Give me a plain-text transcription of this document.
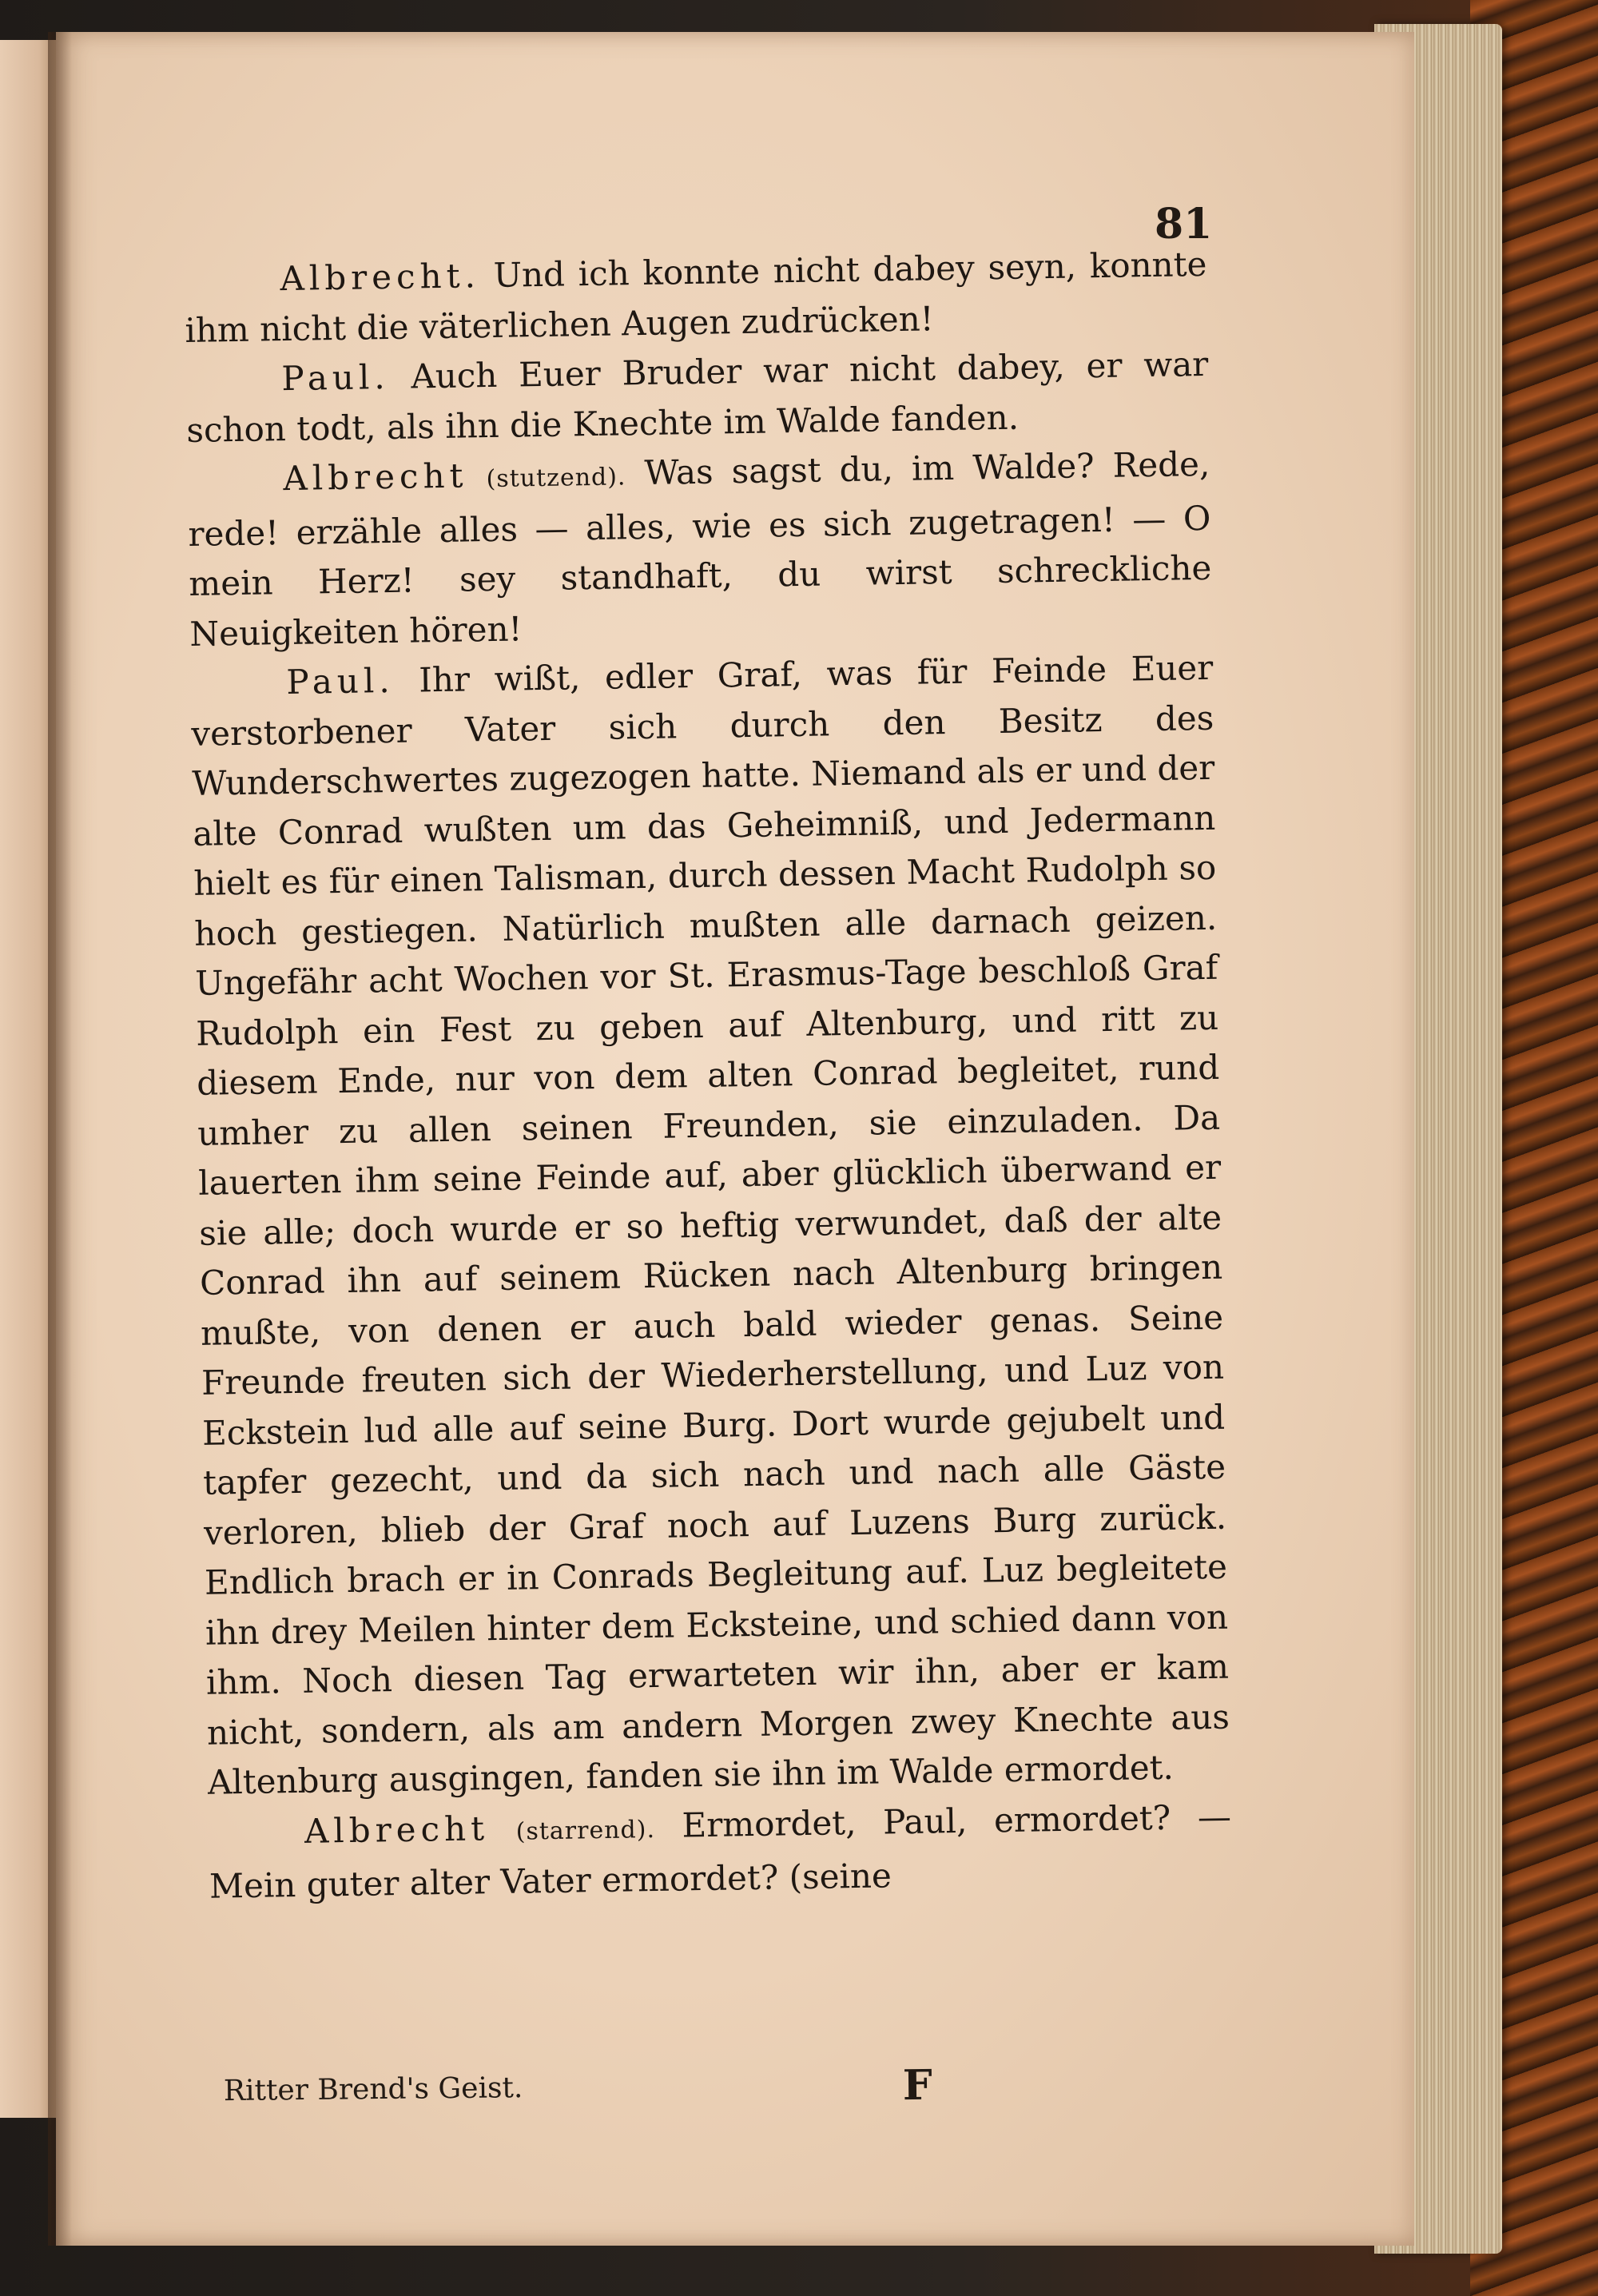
81

Albrecht. Und ich konnte nicht dabey seyn, konnte ihm nicht die väterlichen Augen zudrücken!

Paul. Auch Euer Bruder war nicht dabey, er war schon todt, als ihn die Knechte im Walde fanden.

Albrecht (stutzend). Was sagst du, im Walde? Rede, rede! erzähle alles — alles, wie es sich zugetragen! — O mein Herz! sey standhaft, du wirst schreckliche Neuigkeiten hören!

Paul. Ihr wißt, edler Graf, was für Feinde Euer verstorbener Vater sich durch den Besitz des Wunderschwertes zugezogen hatte. Niemand als er und der alte Conrad wußten um das Geheimniß, und Jedermann hielt es für einen Talisman, durch dessen Macht Rudolph so hoch gestiegen. Natürlich mußten alle darnach geizen. Ungefähr acht Wochen vor St. Erasmus-Tage beschloß Graf Rudolph ein Fest zu geben auf Altenburg, und ritt zu diesem Ende, nur von dem alten Conrad begleitet, rund umher zu allen seinen Freunden, sie einzuladen. Da lauerten ihm seine Feinde auf, aber glücklich überwand er sie alle; doch wurde er so heftig verwundet, daß der alte Conrad ihn auf seinem Rücken nach Altenburg bringen mußte, von denen er auch bald wieder genas. Seine Freunde freuten sich der Wiederherstellung, und Luz von Eckstein lud alle auf seine Burg. Dort wurde gejubelt und tapfer gezecht, und da sich nach und nach alle Gäste verloren, blieb der Graf noch auf Luzens Burg zurück. Endlich brach er in Conrads Begleitung auf. Luz begleitete ihn drey Meilen hinter dem Ecksteine, und schied dann von ihm. Noch diesen Tag erwarteten wir ihn, aber er kam nicht, sondern, als am andern Morgen zwey Knechte aus Altenburg ausgingen, fanden sie ihn im Walde ermordet.

Albrecht (starrend). Ermordet, Paul, ermordet? — Mein guter alter Vater ermordet? (seine

Ritter Brend's Geist.	F
